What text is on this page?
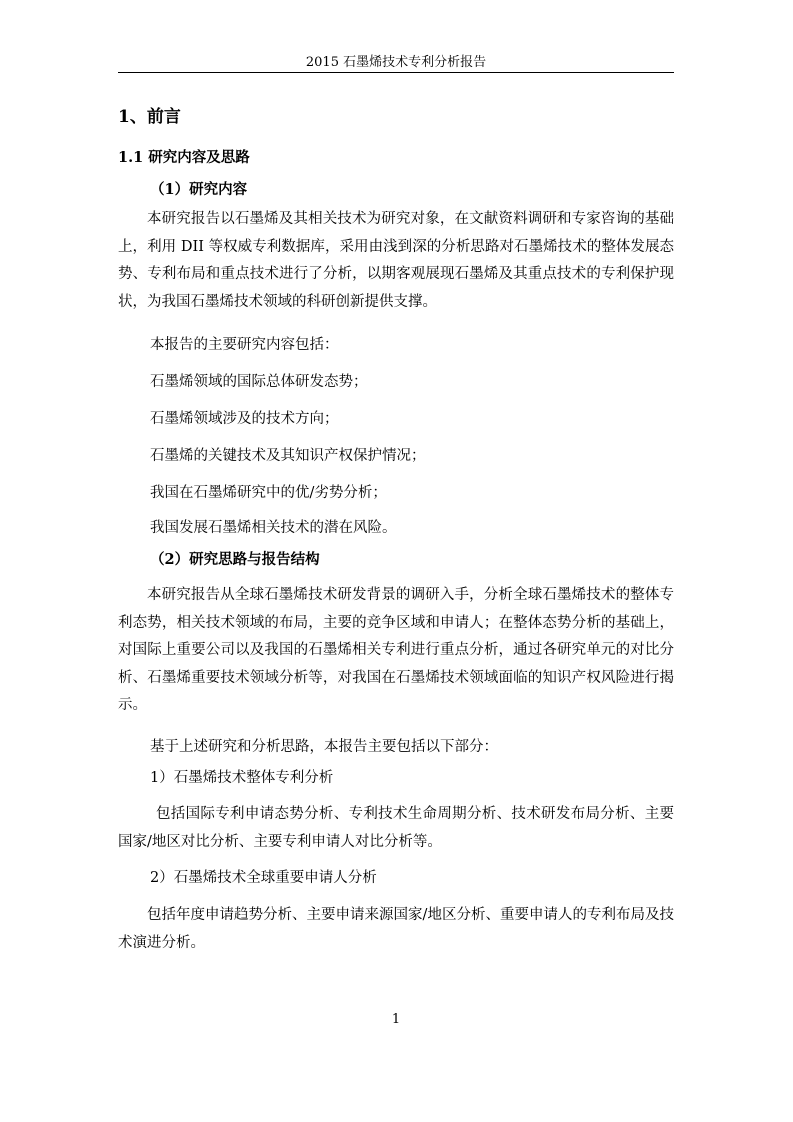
2015 石墨烯技术专利分析报告
1、前言
1.1 研究内容及思路
（1）研究内容
本研究报告以石墨烯及其相关技术为研究对象，在文献资料调研和专家咨询的基础上，利用 DII 等权威专利数据库，采用由浅到深的分析思路对石墨烯技术的整体发展态势、专利布局和重点技术进行了分析，以期客观展现石墨烯及其重点技术的专利保护现状，为我国石墨烯技术领域的科研创新提供支撑。
本报告的主要研究内容包括：
石墨烯领域的国际总体研发态势；
石墨烯领域涉及的技术方向；
石墨烯的关键技术及其知识产权保护情况；
我国在石墨烯研究中的优/劣势分析；
我国发展石墨烯相关技术的潜在风险。
（2）研究思路与报告结构
本研究报告从全球石墨烯技术研发背景的调研入手，分析全球石墨烯技术的整体专利态势，相关技术领域的布局，主要的竞争区域和申请人；在整体态势分析的基础上，对国际上重要公司以及我国的石墨烯相关专利进行重点分析，通过各研究单元的对比分析、石墨烯重要技术领域分析等，对我国在石墨烯技术领域面临的知识产权风险进行揭示。
基于上述研究和分析思路，本报告主要包括以下部分：
1）石墨烯技术整体专利分析
包括国际专利申请态势分析、专利技术生命周期分析、技术研发布局分析、主要国家/地区对比分析、主要专利申请人对比分析等。
2）石墨烯技术全球重要申请人分析
包括年度申请趋势分析、主要申请来源国家/地区分析、重要申请人的专利布局及技术演进分析。
1
